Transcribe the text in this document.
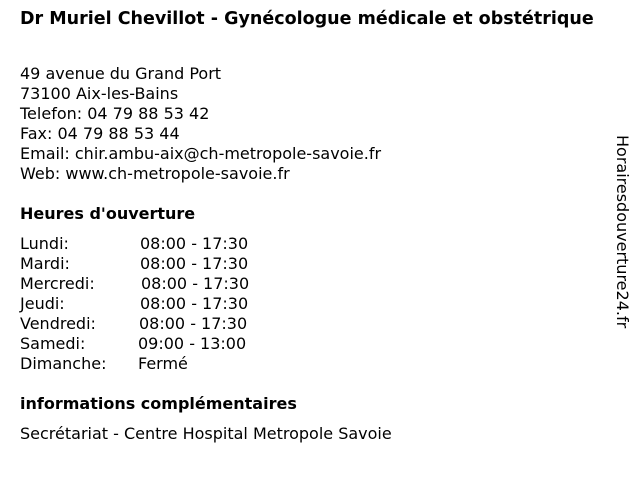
Dr Muriel Chevillot - Gynécologue médicale et obstétrique
49 avenue du Grand Port
73100 Aix-les-Bains
Telefon: 04 79 88 53 42
Fax: 04 79 88 53 44
Email: chir.ambu-aix@ch-metropole-savoie.fr
Web: www.ch-metropole-savoie.fr
Heures d'ouverture
Lundi:	08:00 - 17:30
Mardi:	08:00 - 17:30
Mercredi:	08:00 - 17:30
Jeudi:	08:00 - 17:30
Vendredi:	08:00 - 17:30
Samedi:	09:00 - 13:00
Dimanche: Fermé
informations complémentaires
Secrétariat - Centre Hospital Metropole Savoie
Horairesdouverture24.fr
